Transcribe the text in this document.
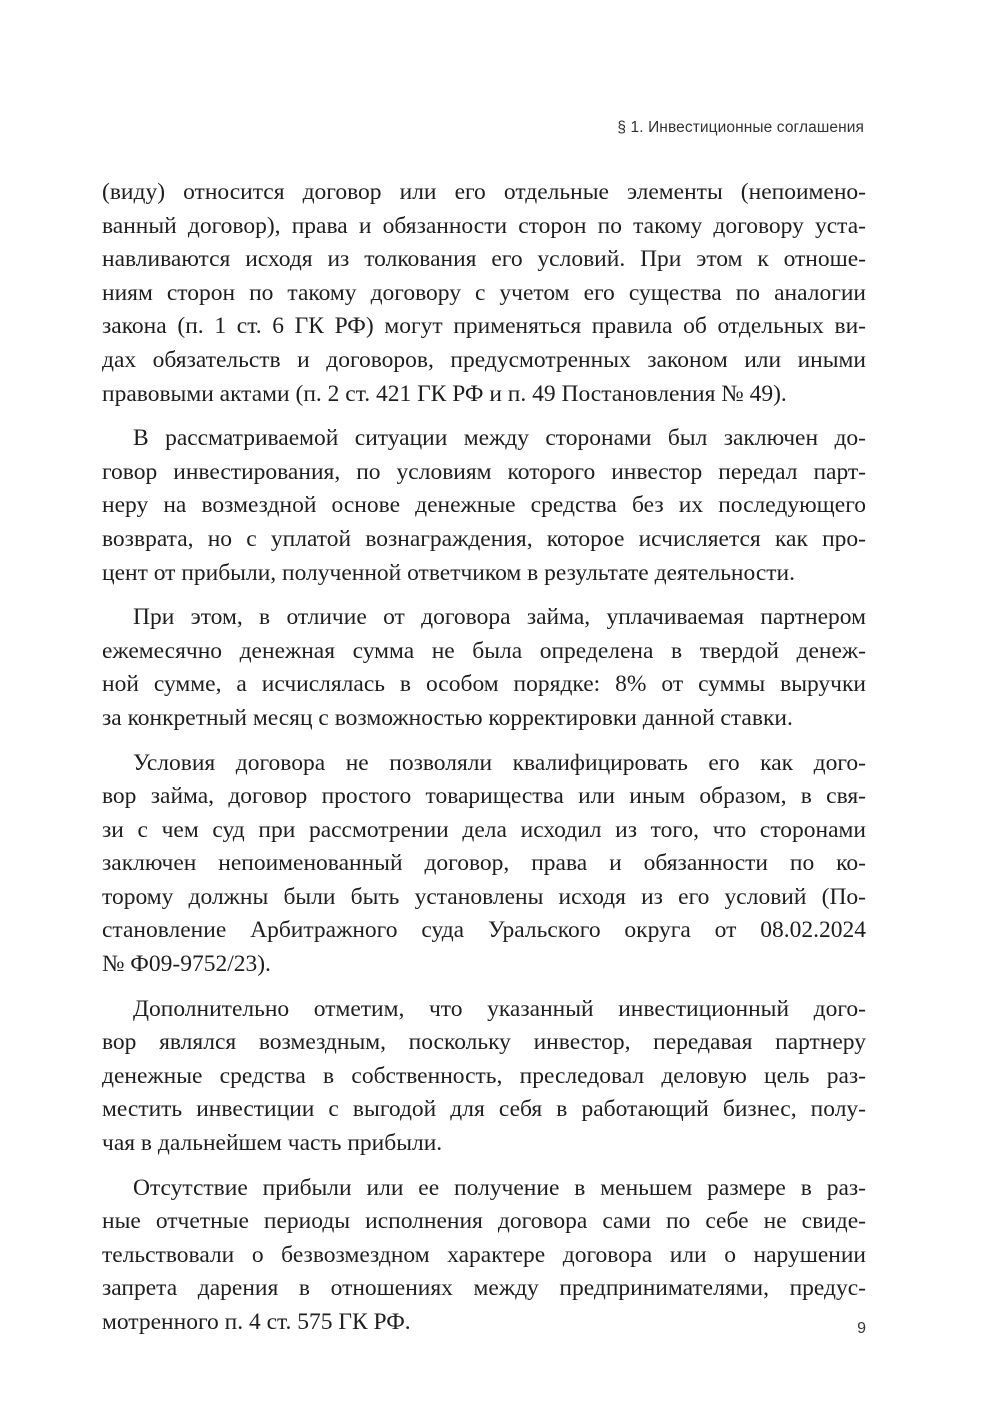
§ 1. Инвестиционные соглашения

(виду) относится договор или его отдельные элементы (непоимено-
ванный договор), права и обязанности сторон по такому договору уста-
навливаются исходя из толкования его условий. При этом к отноше-
ниям сторон по такому договору с учетом его существа по аналогии
закона (п. 1 ст. 6 ГК РФ) могут применяться правила об отдельных ви-
дах обязательств и договоров, предусмотренных законом или иными
правовыми актами (п. 2 ст. 421 ГК РФ и п. 49 Постановления № 49).

В рассматриваемой ситуации между сторонами был заключен до-
говор инвестирования, по условиям которого инвестор передал парт-
неру на возмездной основе денежные средства без их последующего
возврата, но с уплатой вознаграждения, которое исчисляется как про-
цент от прибыли, полученной ответчиком в результате деятельности.

При этом, в отличие от договора займа, уплачиваемая партнером
ежемесячно денежная сумма не была определена в твердой денеж-
ной сумме, а исчислялась в особом порядке: 8% от суммы выручки
за конкретный месяц с возможностью корректировки данной ставки.

Условия договора не позволяли квалифицировать его как дого-
вор займа, договор простого товарищества или иным образом, в свя-
зи с чем суд при рассмотрении дела исходил из того, что сторонами
заключен непоименованный договор, права и обязанности по ко-
торому должны были быть установлены исходя из его условий (По-
становление Арбитражного суда Уральского округа от 08.02.2024
№ Ф09-9752/23).

Дополнительно отметим, что указанный инвестиционный дого-
вор являлся возмездным, поскольку инвестор, передавая партнеру
денежные средства в собственность, преследовал деловую цель раз-
местить инвестиции с выгодой для себя в работающий бизнес, полу-
чая в дальнейшем часть прибыли.

Отсутствие прибыли или ее получение в меньшем размере в раз-
ные отчетные периоды исполнения договора сами по себе не свиде-
тельствовали о безвозмездном характере договора или о нарушении
запрета дарения в отношениях между предпринимателями, предус-
мотренного п. 4 ст. 575 ГК РФ.	9
